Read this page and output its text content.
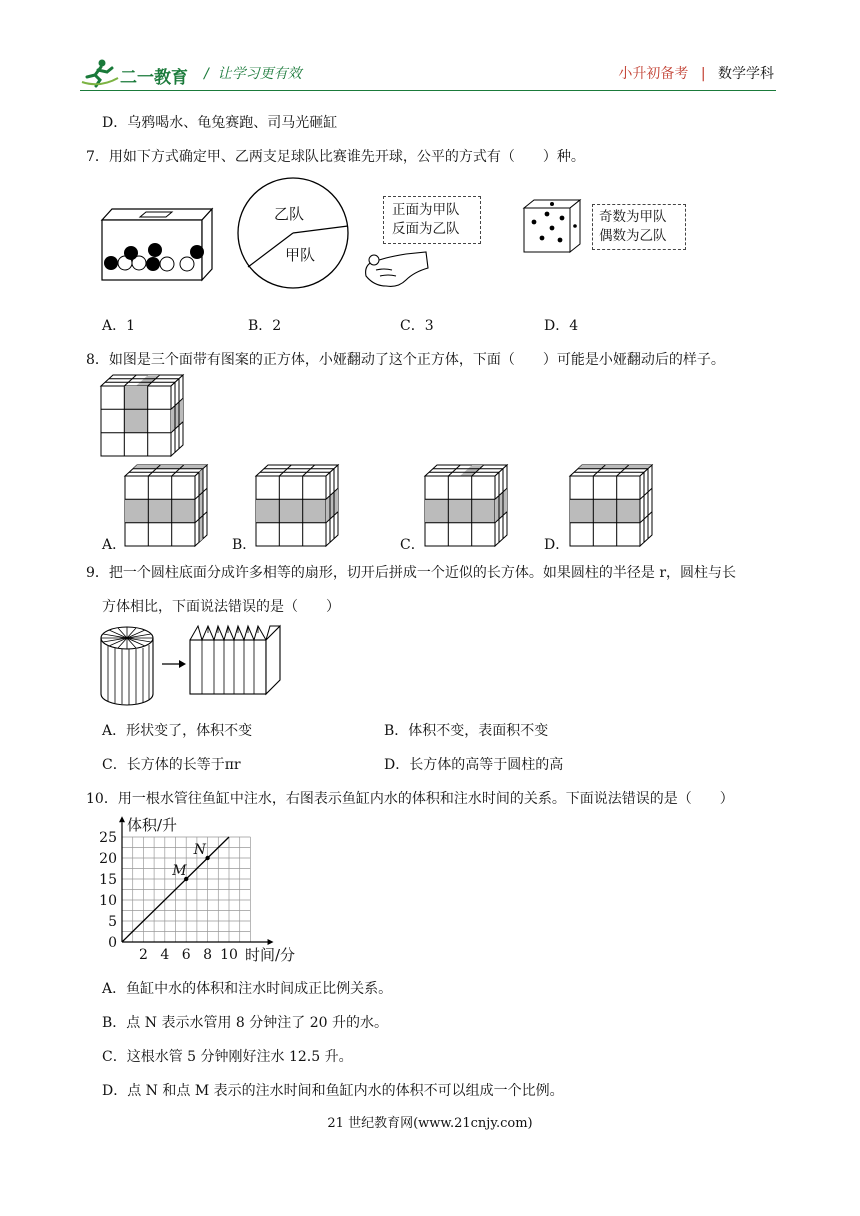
二一教育 /  让学习更有效	小升初备考 | 数学学科
D．乌鸦喝水、龟兔赛跑、司马光砸缸
7．用如下方式确定甲、乙两支足球队比赛谁先开球，公平的方式有（　　）种。
乙队
甲队
正面为甲队
反面为乙队
奇数为甲队
偶数为乙队
A．1	B．2	C．3	D．4
8．如图是三个面带有图案的正方体，小娅翻动了这个正方体，下面（　　）可能是小娅翻动后的样子。
A．	B．	C．	D．
9．把一个圆柱底面分成许多相等的扇形，切开后拼成一个近似的长方体。如果圆柱的半径是 r，圆柱与长
方体相比，下面说法错误的是（　　）
A．形状变了，体积不变	B．体积不变，表面积不变
C．长方体的长等于πr	D．长方体的高等于圆柱的高
10．用一根水管往鱼缸中注水，右图表示鱼缸内水的体积和注水时间的关系。下面说法错误的是（　　）
2 4 6 8 10
0
5
10
15
20
25
M
N
体积/升
时间/分
A．鱼缸中水的体积和注水时间成正比例关系。
B．点 N 表示水管用 8 分钟注了 20 升的水。
C．这根水管 5 分钟刚好注水 12.5 升。
D．点 N 和点 M 表示的注水时间和鱼缸内水的体积不可以组成一个比例。
21 世纪教育网(www.21cnjy.com)
